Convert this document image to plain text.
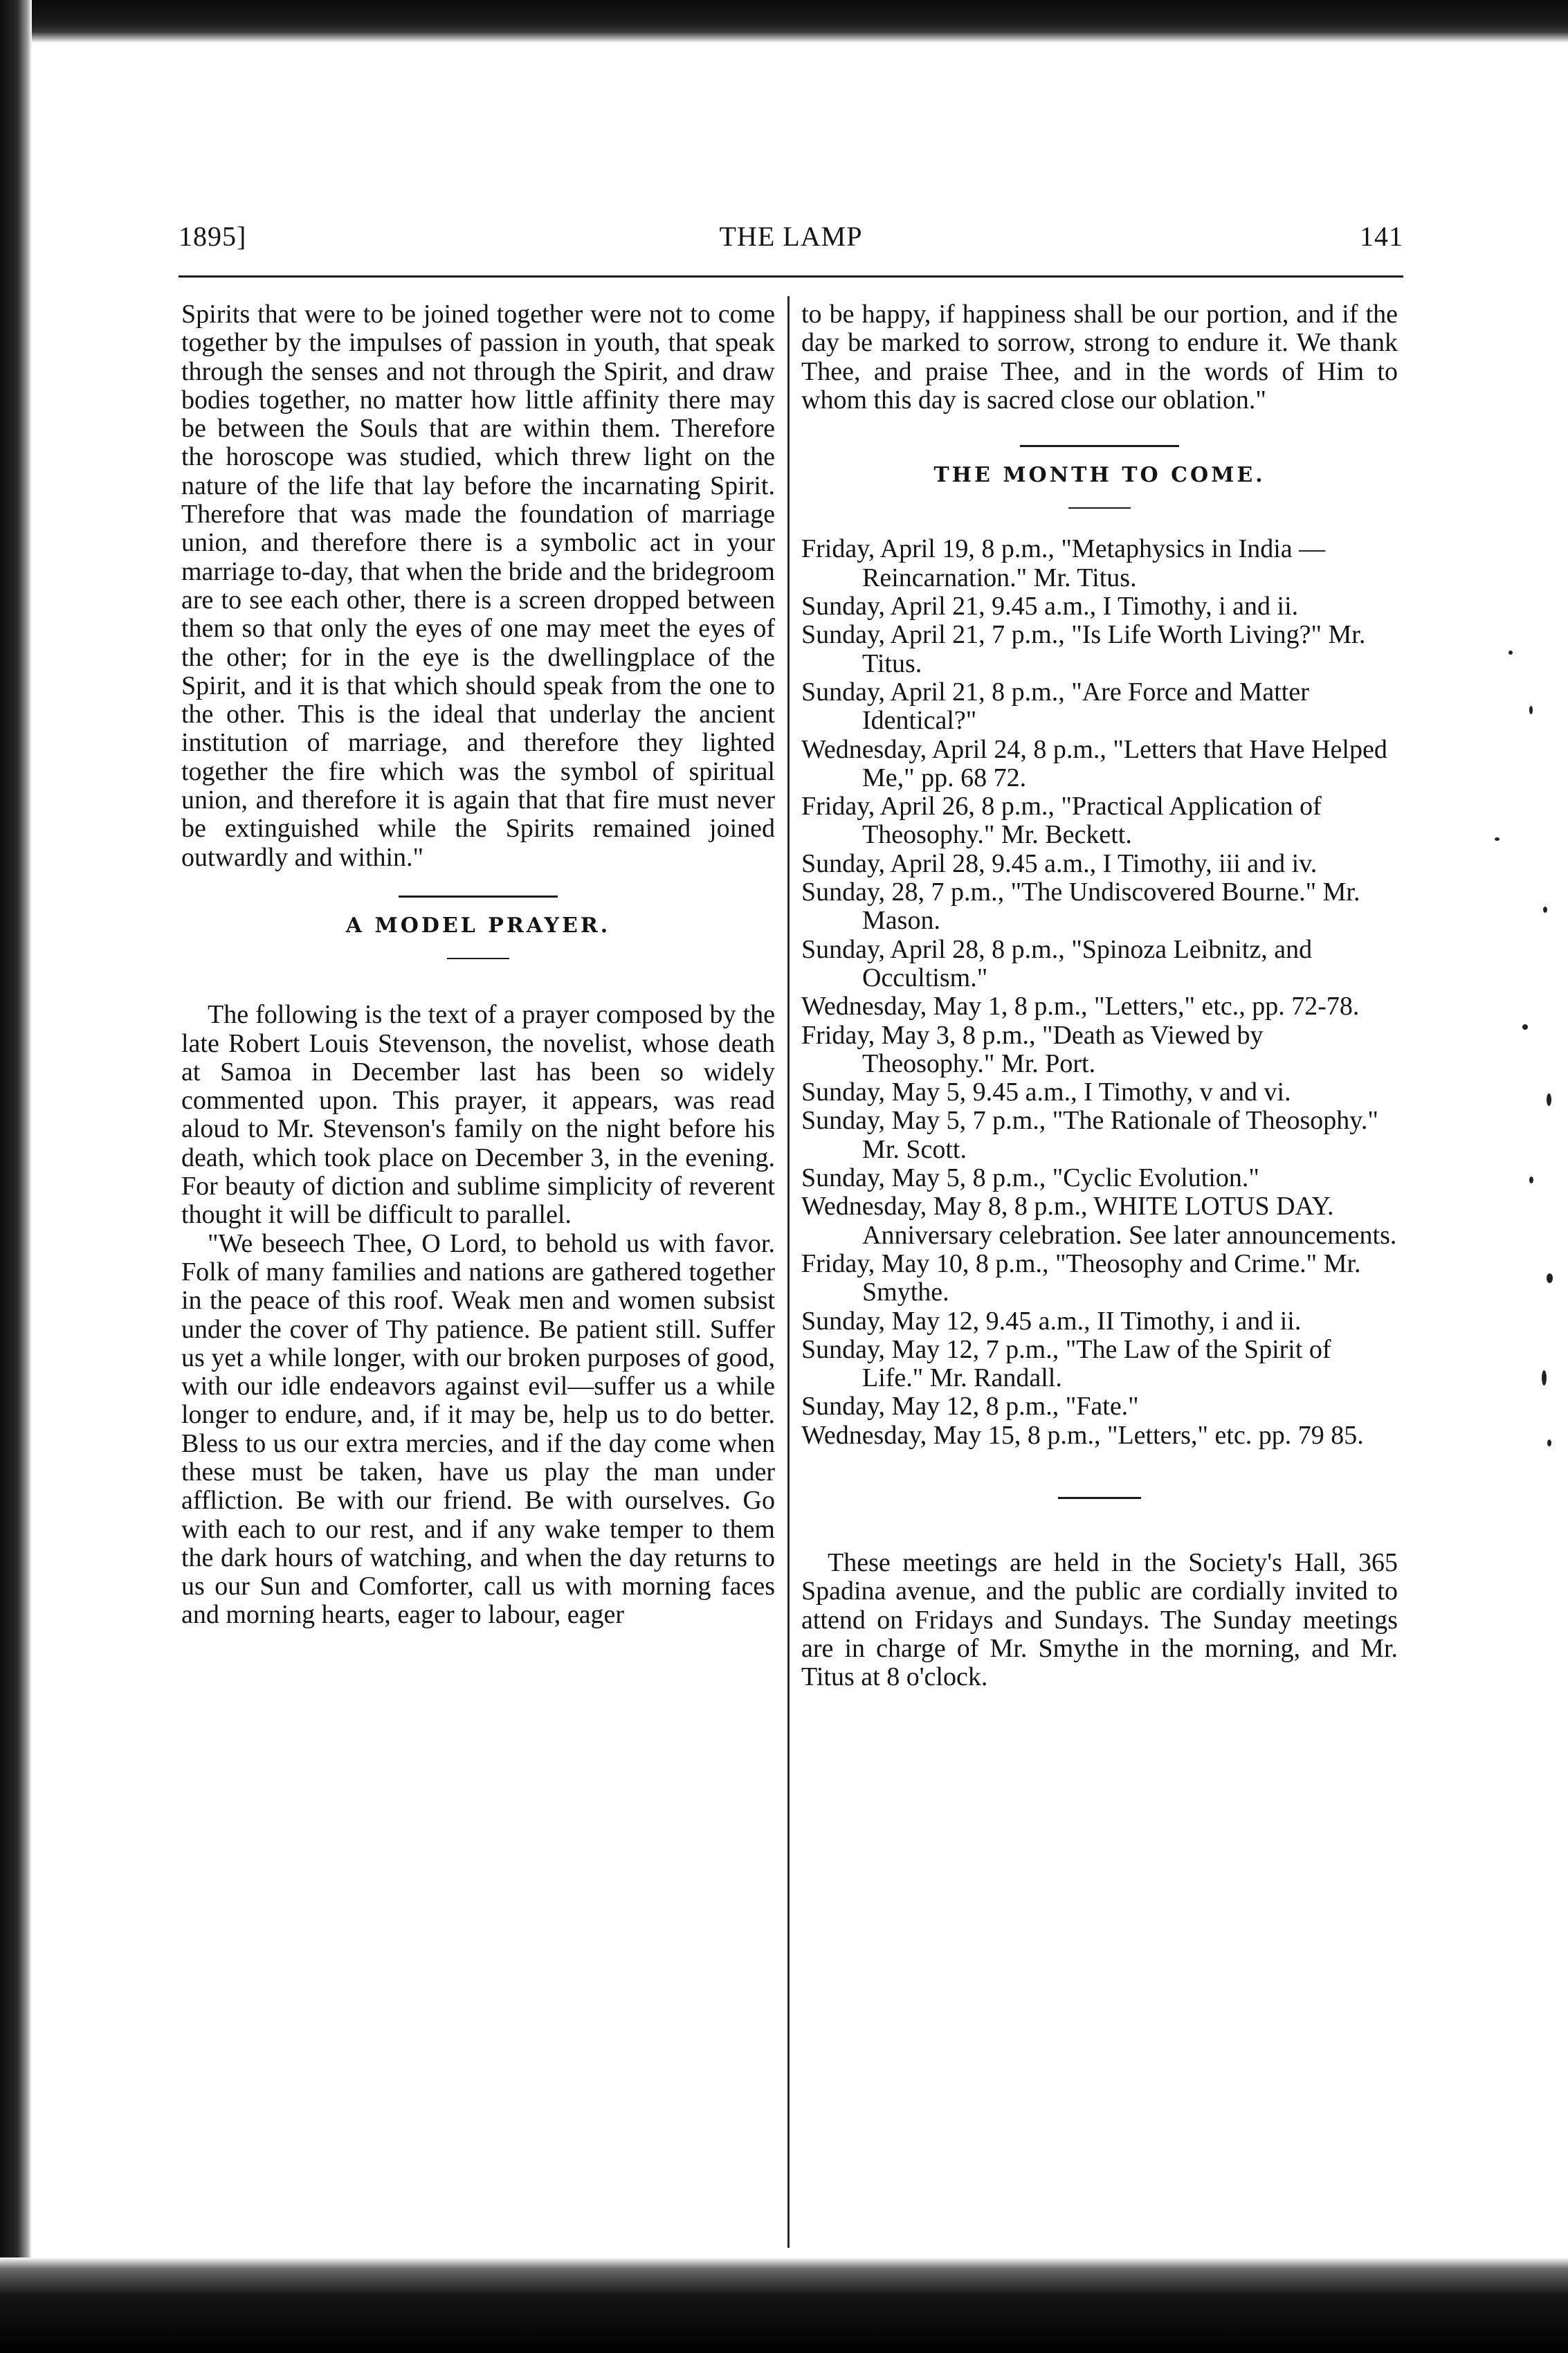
1895]	THE LAMP	141

Spirits that were to be joined together were not to come together by the impulses of passion in youth, that speak through the senses and not through the Spirit, and draw bodies together, no matter how little affinity there may be between the Souls that are within them. Therefore the horoscope was studied, which threw light on the nature of the life that lay before the incarnating Spirit. Therefore that was made the foundation of marriage union, and therefore there is a symbolic act in your marriage to-day, that when the bride and the bridegroom are to see each other, there is a screen dropped between them so that only the eyes of one may meet the eyes of the other; for in the eye is the dwellingplace of the Spirit, and it is that which should speak from the one to the other. This is the ideal that underlay the ancient institution of marriage, and therefore they lighted together the fire which was the symbol of spiritual union, and therefore it is again that that fire must never be extinguished while the Spirits remained joined outwardly and within."

A MODEL PRAYER.

The following is the text of a prayer composed by the late Robert Louis Stevenson, the novelist, whose death at Samoa in December last has been so widely commented upon. This prayer, it appears, was read aloud to Mr. Stevenson's family on the night before his death, which took place on December 3, in the evening. For beauty of diction and sublime simplicity of reverent thought it will be difficult to parallel.

"We beseech Thee, O Lord, to behold us with favor. Folk of many families and nations are gathered together in the peace of this roof. Weak men and women subsist under the cover of Thy patience. Be patient still. Suffer us yet a while longer, with our broken purposes of good, with our idle endeavors against evil—suffer us a while longer to endure, and, if it may be, help us to do better. Bless to us our extra mercies, and if the day come when these must be taken, have us play the man under affliction. Be with our friend. Be with ourselves. Go with each to our rest, and if any wake temper to them the dark hours of watching, and when the day returns to us our Sun and Comforter, call us with morning faces and morning hearts, eager to labour, eager

to be happy, if happiness shall be our portion, and if the day be marked to sorrow, strong to endure it. We thank Thee, and praise Thee, and in the words of Him to whom this day is sacred close our oblation."

THE MONTH TO COME.

Friday, April 19, 8 p.m., "Metaphysics in India — Reincarnation." Mr. Titus.
Sunday, April 21, 9.45 a.m., I Timothy, i and ii.
Sunday, April 21, 7 p.m., "Is Life Worth Living?" Mr. Titus.
Sunday, April 21, 8 p.m., "Are Force and Matter Identical?"
Wednesday, April 24, 8 p.m., "Letters that Have Helped Me," pp. 68 72.
Friday, April 26, 8 p.m., "Practical Application of Theosophy." Mr. Beckett.
Sunday, April 28, 9.45 a.m., I Timothy, iii and iv.
Sunday, 28, 7 p.m., "The Undiscovered Bourne." Mr. Mason.
Sunday, April 28, 8 p.m., "Spinoza Leibnitz, and Occultism."
Wednesday, May 1, 8 p.m., "Letters," etc., pp. 72-78.
Friday, May 3, 8 p.m., "Death as Viewed by Theosophy." Mr. Port.
Sunday, May 5, 9.45 a.m., I Timothy, v and vi.
Sunday, May 5, 7 p.m., "The Rationale of Theosophy." Mr. Scott.
Sunday, May 5, 8 p.m., "Cyclic Evolution."
Wednesday, May 8, 8 p.m., WHITE LOTUS DAY. Anniversary celebration. See later announcements.
Friday, May 10, 8 p.m., "Theosophy and Crime." Mr. Smythe.
Sunday, May 12, 9.45 a.m., II Timothy, i and ii.
Sunday, May 12, 7 p.m., "The Law of the Spirit of Life." Mr. Randall.
Sunday, May 12, 8 p.m., "Fate."
Wednesday, May 15, 8 p.m., "Letters," etc. pp. 79 85.

These meetings are held in the Society's Hall, 365 Spadina avenue, and the public are cordially invited to attend on Fridays and Sundays. The Sunday meetings are in charge of Mr. Smythe in the morning, and Mr. Titus at 8 o'clock.
